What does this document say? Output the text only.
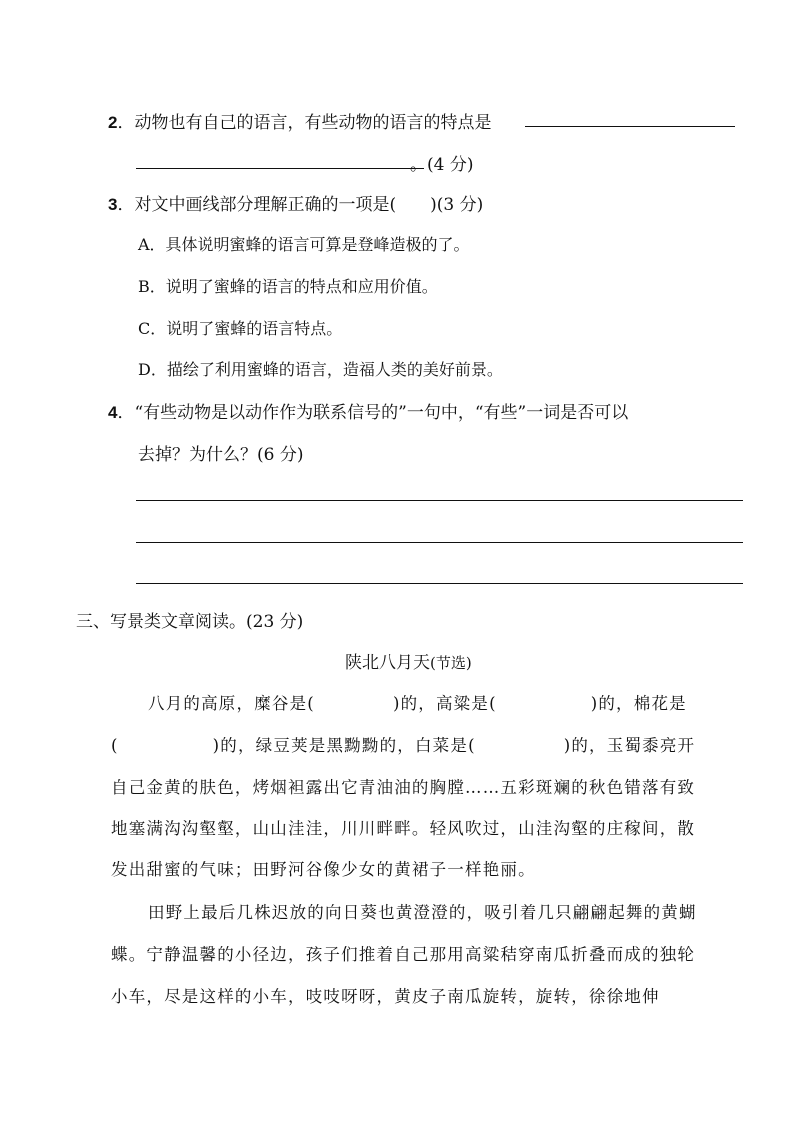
2．动物也有自己的语言，有些动物的语言的特点是
。(4 分)
3．对文中画线部分理解正确的一项是( )(3 分)
A．具体说明蜜蜂的语言可算是登峰造极的了。
B．说明了蜜蜂的语言的特点和应用价值。
C．说明了蜜蜂的语言特点。
D．描绘了利用蜜蜂的语言，造福人类的美好前景。
4．“有些动物是以动作作为联系信号的”一句中，“有些”一词是否可以
去掉？为什么？(6 分)
三、写景类文章阅读。(23 分)
陕北八月天(节选)
八月的高原，糜谷是(	)的，高粱是(	)的，棉花是
(	)的，绿豆荚是黑黝黝的，白菜是(	)的，玉蜀黍亮开
自己金黄的肤色，烤烟袒露出它青油油的胸膛……五彩斑斓的秋色错落有致
地塞满沟沟壑壑，山山洼洼，川川畔畔。轻风吹过，山洼沟壑的庄稼间，散
发出甜蜜的气味；田野河谷像少女的黄裙子一样艳丽。
田野上最后几株迟放的向日葵也黄澄澄的，吸引着几只翩翩起舞的黄蝴
蝶。宁静温馨的小径边，孩子们推着自己那用高粱秸穿南瓜折叠而成的独轮
小车，尽是这样的小车，吱吱呀呀，黄皮子南瓜旋转，旋转，徐徐地伸
